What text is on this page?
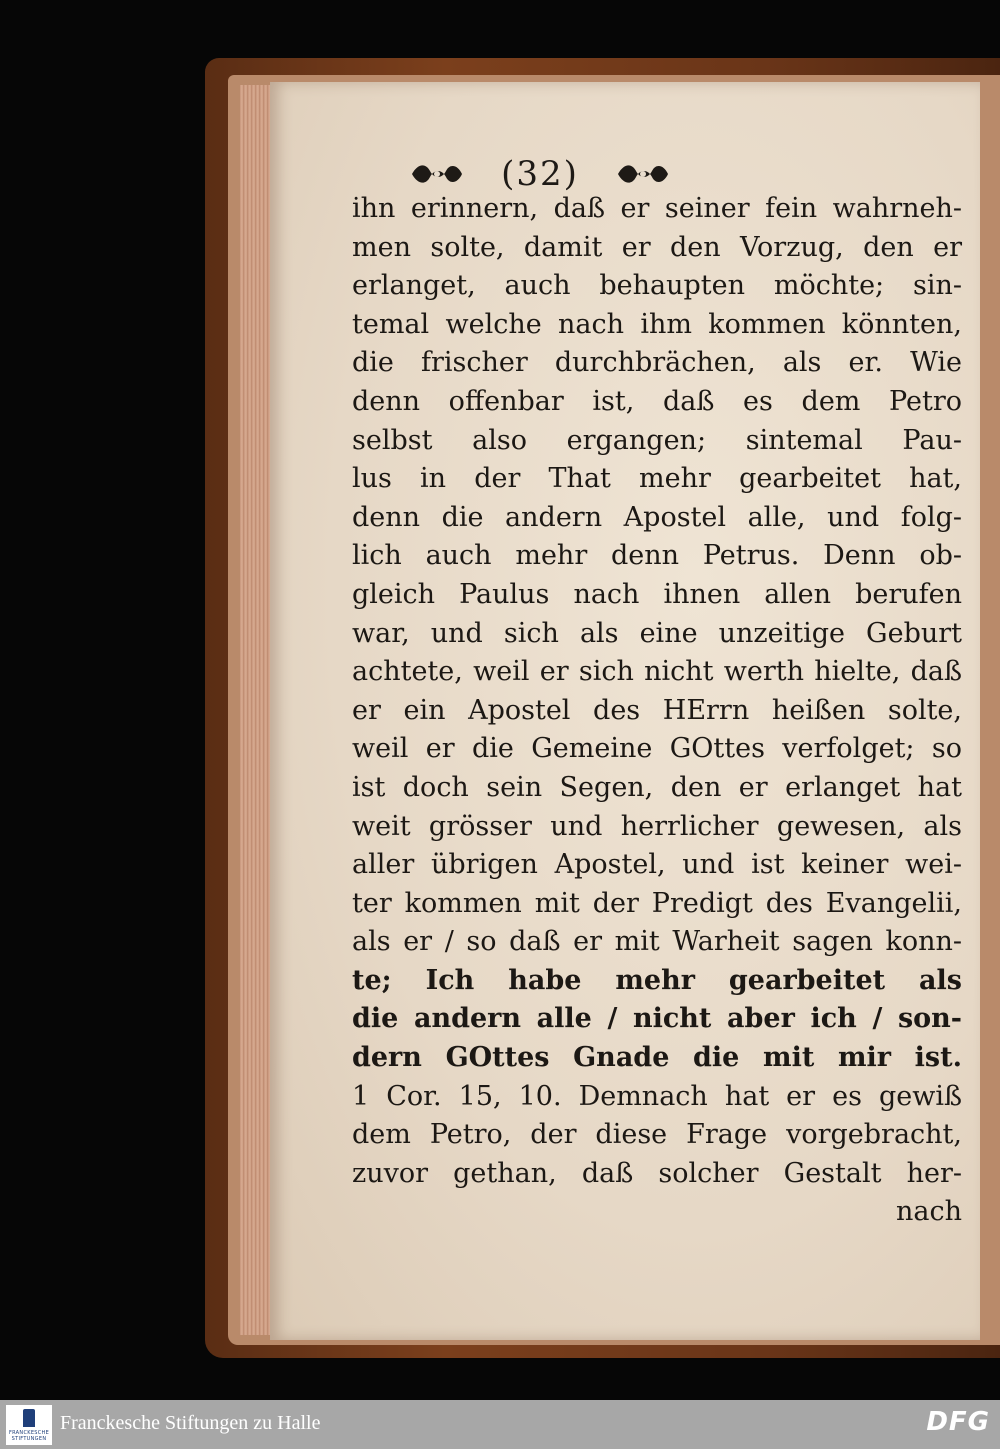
(32)
ihn erinnern, daß er seiner fein wahrneh-
men solte, damit er den Vorzug, den er
erlanget, auch behaupten möchte; sin-
temal welche nach ihm kommen könnten,
die frischer durchbrächen, als er. Wie
denn offenbar ist, daß es dem Petro
selbst also ergangen; sintemal Pau-
lus in der That mehr gearbeitet hat,
denn die andern Apostel alle, und folg-
lich auch mehr denn Petrus. Denn ob-
gleich Paulus nach ihnen allen berufen
war, und sich als eine unzeitige Geburt
achtete, weil er sich nicht werth hielte, daß
er ein Apostel des HErrn heißen solte,
weil er die Gemeine GOttes verfolget; so
ist doch sein Segen, den er erlanget hat
weit grösser und herrlicher gewesen, als
aller übrigen Apostel, und ist keiner wei-
ter kommen mit der Predigt des Evangelii,
als er / so daß er mit Warheit sagen konn-
te; Ich habe mehr gearbeitet als
die andern alle / nicht aber ich / son-
dern GOttes Gnade die mit mir ist.
1 Cor. 15, 10. Demnach hat er es gewiß
dem Petro, der diese Frage vorgebracht,
zuvor gethan, daß solcher Gestalt her-
nach
FRANCKESCHE STIFTUNGEN
Franckesche Stiftungen zu Halle	DFG
